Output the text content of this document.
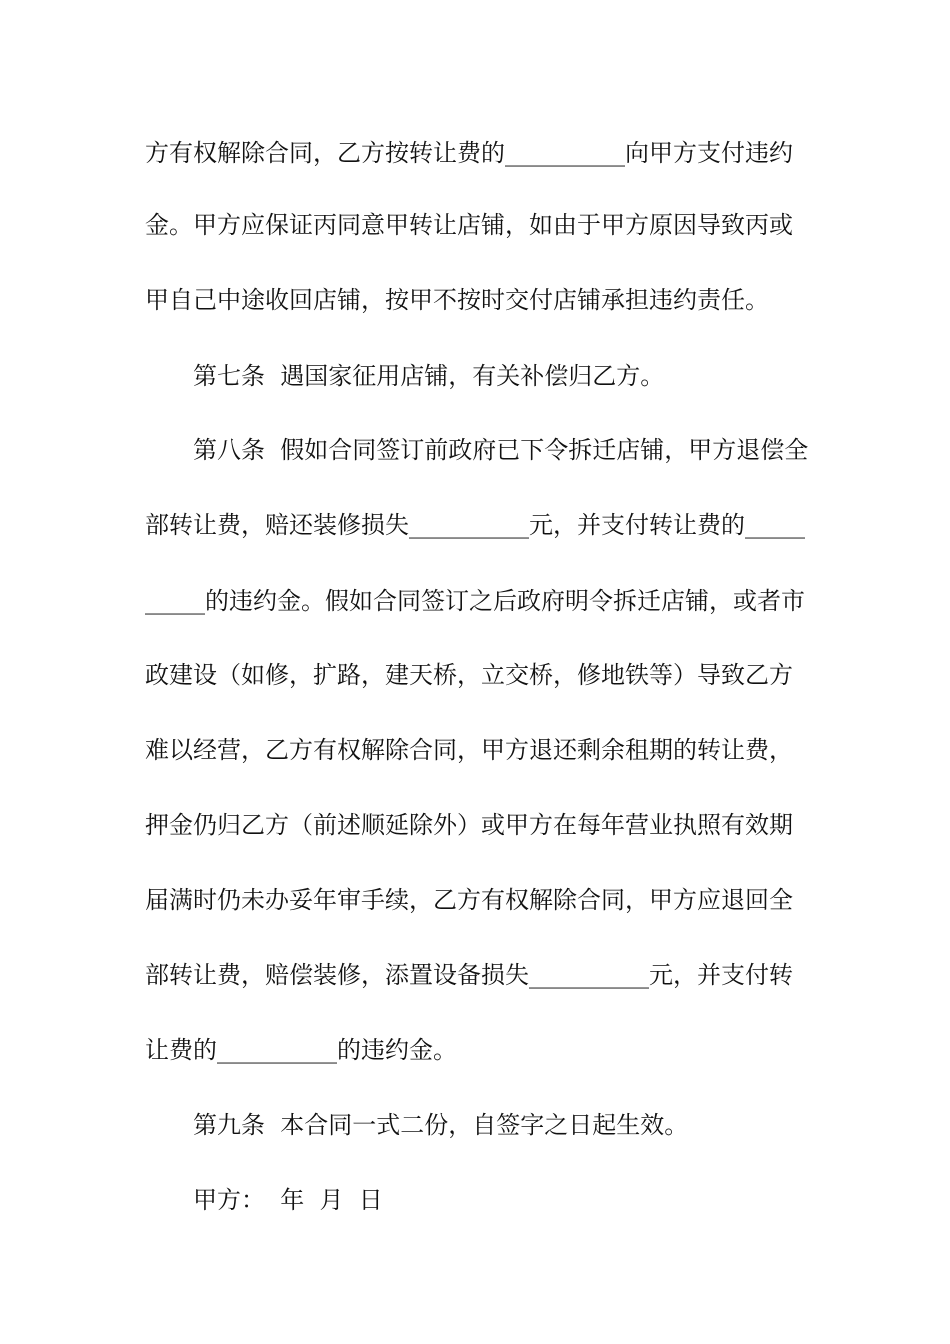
方有权解除合同，乙方按转让费的__________向甲方支付违约
金。甲方应保证丙同意甲转让店铺，如由于甲方原因导致丙或
甲自己中途收回店铺，按甲不按时交付店铺承担违约责任。
第七条  遇国家征用店铺，有关补偿归乙方。
第八条  假如合同签订前政府已下令拆迁店铺，甲方退偿全
部转让费，赔还装修损失__________元，并支付转让费的_____
_____的违约金。假如合同签订之后政府明令拆迁店铺，或者市
政建设（如修，扩路，建天桥，立交桥，修地铁等）导致乙方
难以经营，乙方有权解除合同，甲方退还剩余租期的转让费，
押金仍归乙方（前述顺延除外）或甲方在每年营业执照有效期
届满时仍未办妥年审手续，乙方有权解除合同，甲方应退回全
部转让费，赔偿装修，添置设备损失__________元，并支付转
让费的__________的违约金。
第九条  本合同一式二份，自签字之日起生效。
甲方：  年  月  日
